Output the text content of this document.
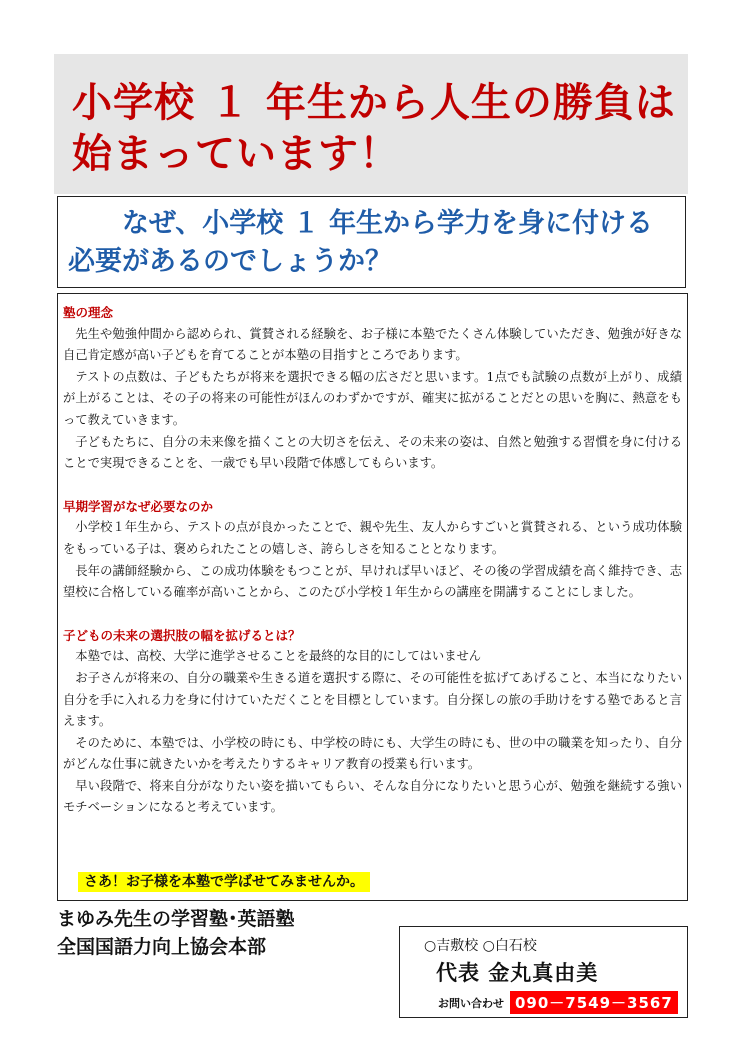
小学校 １ 年生から人生の勝負は始まっています！
なぜ、小学校 １ 年生から学力を身に付ける必要があるのでしょうか？

塾の理念

先生や勉強仲間から認められ、賞賛される経験を、お子様に本塾でたくさん体験していただき、勉強が好きな自己肯定感が高い子どもを育てることが本塾の目指すところであります。

テストの点数は、子どもたちが将来を選択できる幅の広さだと思います。1点でも試験の点数が上がり、成績が上がることは、その子の将来の可能性がほんのわずかですが、確実に拡がることだとの思いを胸に、熱意をもって教えていきます。

子どもたちに、自分の未来像を描くことの大切さを伝え、その未来の姿は、自然と勉強する習慣を身に付けることで実現できることを、一歳でも早い段階で体感してもらいます。

早期学習がなぜ必要なのか

小学校１年生から、テストの点が良かったことで、親や先生、友人からすごいと賞賛される、という成功体験をもっている子は、褒められたことの嬉しさ、誇らしさを知ることとなります。

長年の講師経験から、この成功体験をもつことが、早ければ早いほど、その後の学習成績を高く維持でき、志望校に合格している確率が高いことから、このたび小学校１年生からの講座を開講することにしました。

子どもの未来の選択肢の幅を拡げるとは？

本塾では、高校、大学に進学させることを最終的な目的にしてはいません

お子さんが将来の、自分の職業や生きる道を選択する際に、その可能性を拡げてあげること、本当になりたい自分を手に入れる力を身に付けていただくことを目標としています。自分探しの旅の手助けをする塾であると言えます。

そのために、本塾では、小学校の時にも、中学校の時にも、大学生の時にも、世の中の職業を知ったり、自分がどんな仕事に就きたいかを考えたりするキャリア教育の授業も行います。

早い段階で、将来自分がなりたい姿を描いてもらい、そんな自分になりたいと思う心が、勉強を継続する強いモチベーションになると考えています。

さあ！お子様を本塾で学ばせてみませんか。
まゆみ先生の学習塾･英語塾
全国国語力向上協会本部	○吉敷校 ○白石校
代表 金丸真由美
お問い合わせ 090－7549－3567
